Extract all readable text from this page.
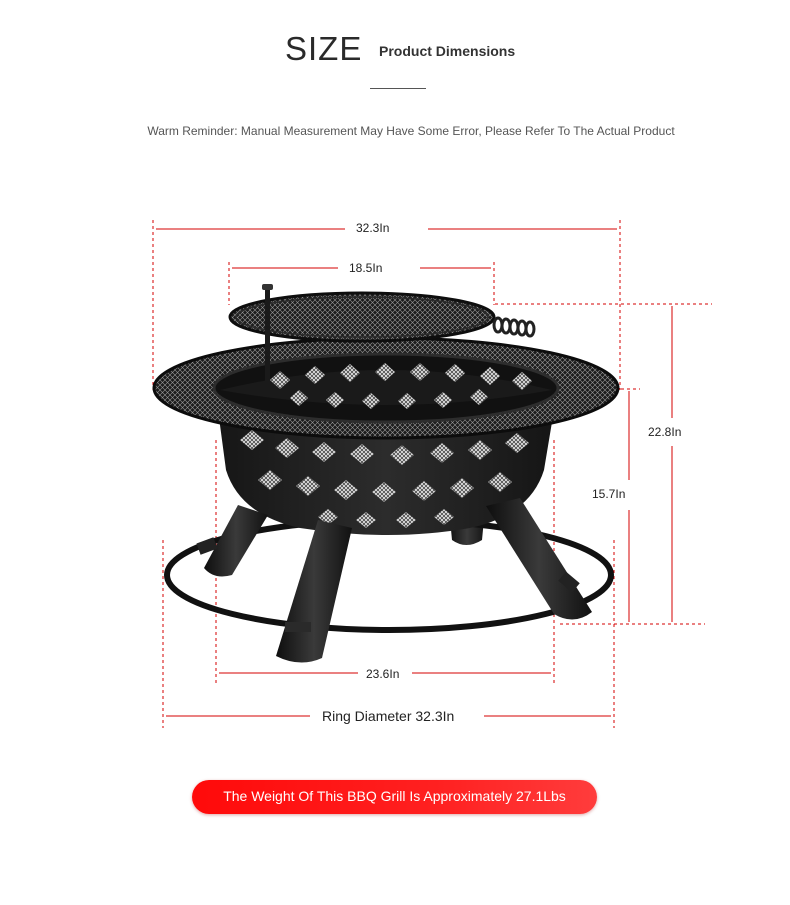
SIZE Product Dimensions
Warm Reminder: Manual Measurement May Have Some Error, Please Refer To The Actual Product
32.3In
18.5In
22.8In
15.7In
23.6In
Ring Diameter 32.3In
The Weight Of This BBQ Grill Is Approximately 27.1Lbs
